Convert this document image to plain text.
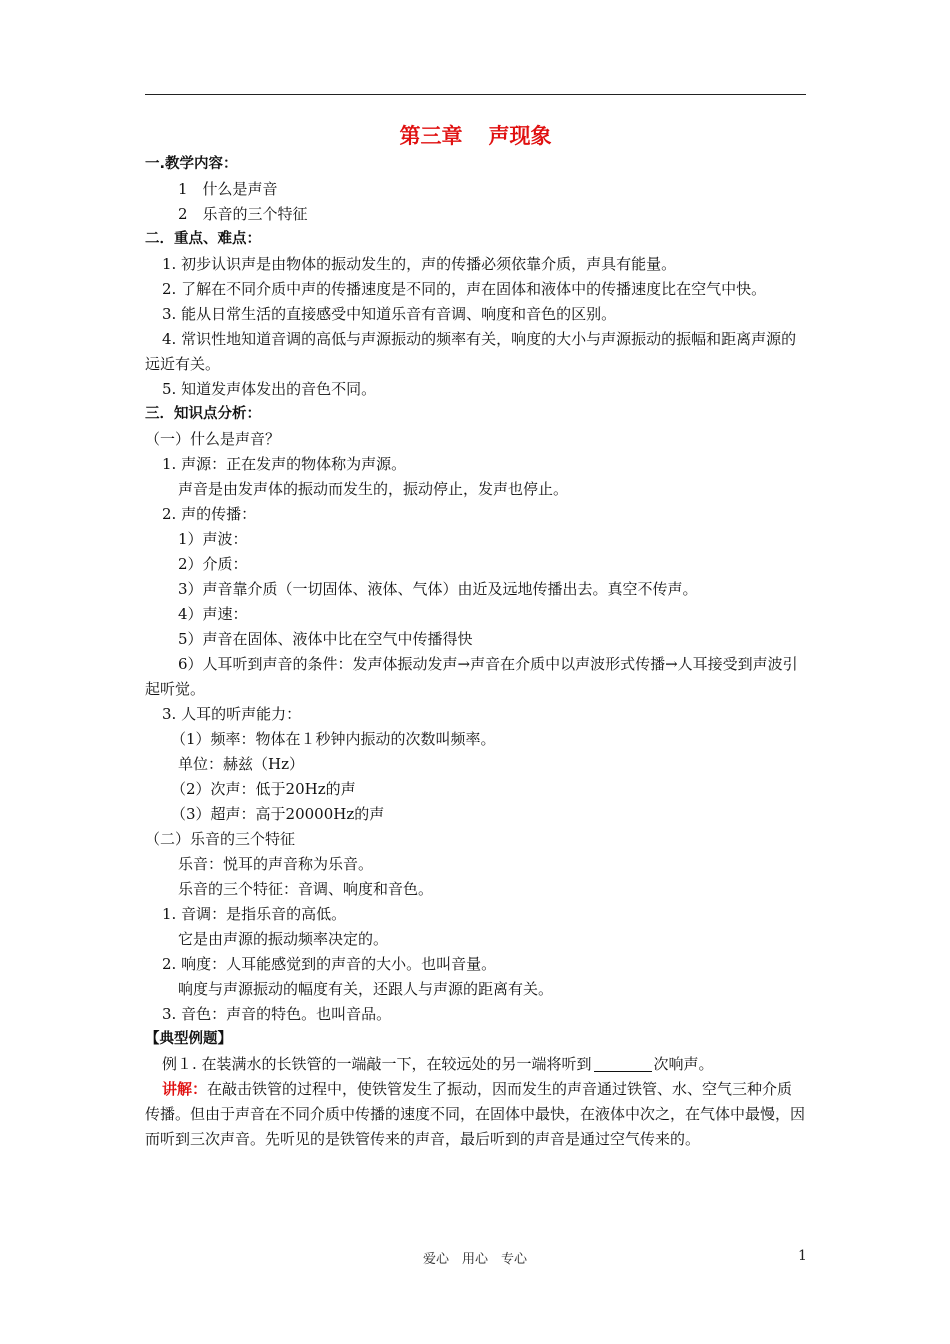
第三章 声现象
一.教学内容：
1　什么是声音
2　乐音的三个特征
二．重点、难点：
1. 初步认识声是由物体的振动发生的，声的传播必须依靠介质，声具有能量。
2. 了解在不同介质中声的传播速度是不同的，声在固体和液体中的传播速度比在空气中快。
3. 能从日常生活的直接感受中知道乐音有音调、响度和音色的区别。
4. 常识性地知道音调的高低与声源振动的频率有关，响度的大小与声源振动的振幅和距离声源的远近有关。
5. 知道发声体发出的音色不同。
三．知识点分析：
（一）什么是声音？
1. 声源：正在发声的物体称为声源。
声音是由发声体的振动而发生的，振动停止，发声也停止。
2. 声的传播：
1）声波：
2）介质：
3）声音靠介质（一切固体、液体、气体）由近及远地传播出去。真空不传声。
4）声速：
5）声音在固体、液体中比在空气中传播得快
6）人耳听到声音的条件：发声体振动发声→声音在介质中以声波形式传播→人耳接受到声波引起听觉。
3. 人耳的听声能力：
（1）频率：物体在１秒钟内振动的次数叫频率。
单位：赫兹（Hz）
（2）次声：低于20Hz的声
（3）超声：高于20000Hz的声
（二）乐音的三个特征
乐音：悦耳的声音称为乐音。
乐音的三个特征：音调、响度和音色。
1. 音调：是指乐音的高低。
它是由声源的振动频率决定的。
2. 响度：人耳能感觉到的声音的大小。也叫音量。
响度与声源振动的幅度有关，还跟人与声源的距离有关。
3. 音色：声音的特色。也叫音品。
【典型例题】
例１. 在装满水的长铁管的一端敲一下，在较远处的另一端将听到	次响声。
讲解：在敲击铁管的过程中，使铁管发生了振动，因而发生的声音通过铁管、水、空气三种介质传播。但由于声音在不同介质中传播的速度不同，在固体中最快，在液体中次之，在气体中最慢，因而听到三次声音。先听见的是铁管传来的声音，最后听到的声音是通过空气传来的。
爱心　用心　专心	1
